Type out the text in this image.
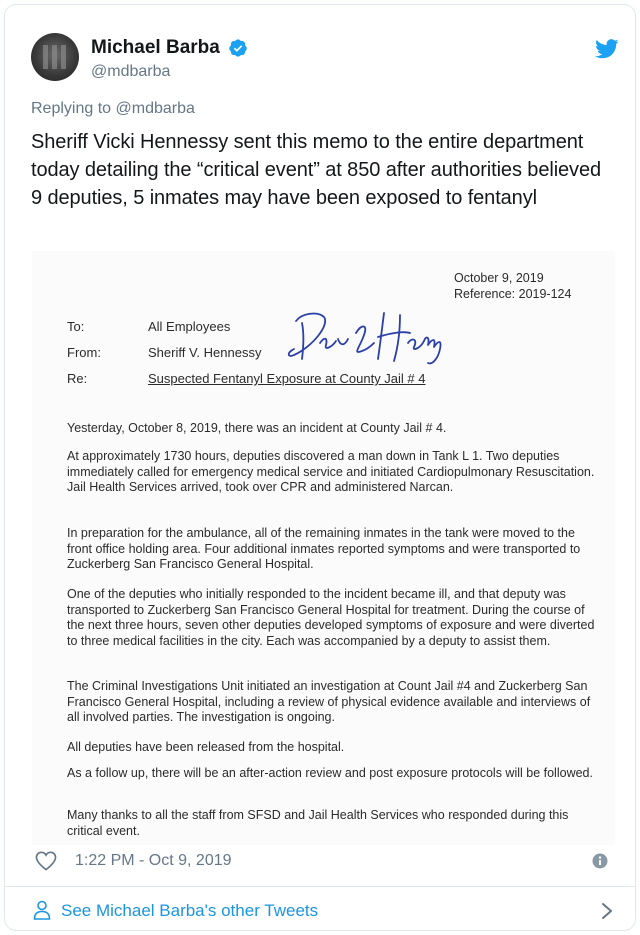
Michael Barba
@mdbarba
Replying to @mdbarba
Sheriff Vicki Hennessy sent this memo to the entire department today detailing the “critical event” at 850 after authorities believed 9 deputies, 5 inmates may have been exposed to fentanyl
October 9, 2019
Reference: 2019-124
To:	All Employees
From:	Sheriff V. Hennessy
Re:	Suspected Fentanyl Exposure at County Jail # 4
Yesterday, October 8, 2019, there was an incident at County Jail # 4.
At approximately 1730 hours, deputies discovered a man down in Tank L 1. Two deputies immediately called for emergency medical service and initiated Cardiopulmonary Resuscitation. Jail Health Services arrived, took over CPR and administered Narcan.
In preparation for the ambulance, all of the remaining inmates in the tank were moved to the front office holding area. Four additional inmates reported symptoms and were transported to Zuckerberg San Francisco General Hospital.
One of the deputies who initially responded to the incident became ill, and that deputy was transported to Zuckerberg San Francisco General Hospital for treatment. During the course of the next three hours, seven other deputies developed symptoms of exposure and were diverted to three medical facilities in the city. Each was accompanied by a deputy to assist them.
The Criminal Investigations Unit initiated an investigation at Count Jail #4 and Zuckerberg San Francisco General Hospital, including a review of physical evidence available and interviews of all involved parties. The investigation is ongoing.
All deputies have been released from the hospital.
As a follow up, there will be an after-action review and post exposure protocols will be followed.
Many thanks to all the staff from SFSD and Jail Health Services who responded during this critical event.
1:22 PM - Oct 9, 2019
See Michael Barba's other Tweets
